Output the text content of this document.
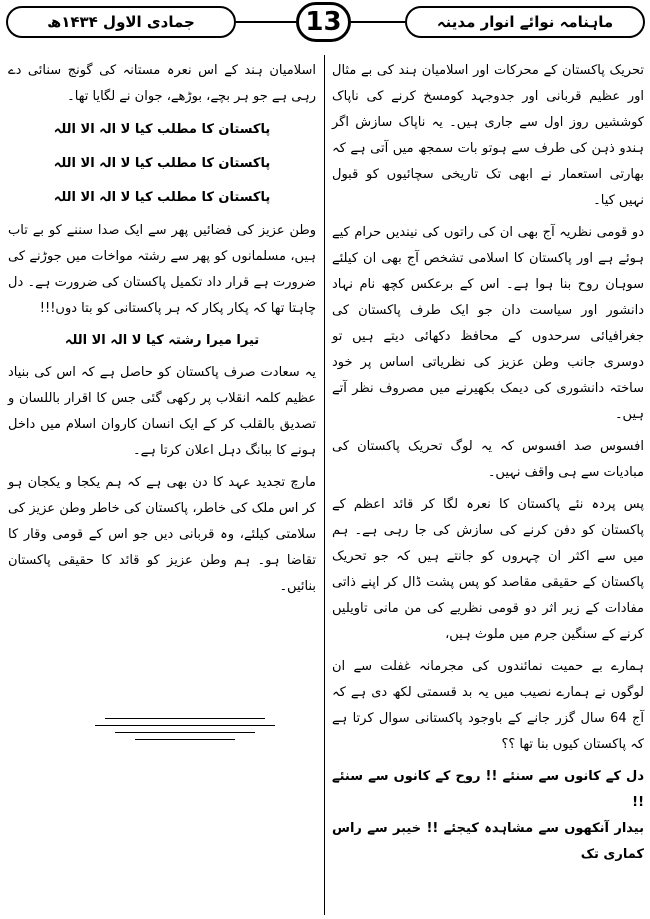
جمادی الاول ۱۴۳۴ھ	13	ماہنامہ نوائے انوار مدینہ

تحریک پاکستان کے محرکات اور اسلامیان ہند کی بے مثال اور عظیم قربانی اور جدوجہد کومسخ کرنے کی ناپاک کوششیں روز اول سے جاری ہیں۔ یہ ناپاک سازش اگر ہندو ذہن کی طرف سے ہوتو بات سمجھ میں آتی ہے کہ بھارتی استعمار نے ابھی تک تاریخی سچائیوں کو قبول نہیں کیا۔

دو قومی نظریہ آج بھی ان کی راتوں کی نیندیں حرام کیے ہوئے ہے اور پاکستان کا اسلامی تشخص آج بھی ان کیلئے سوہان روح بنا ہوا ہے۔ اس کے برعکس کچھ نام نہاد دانشور اور سیاست دان جو ایک طرف پاکستان کی جغرافیائی سرحدوں کے محافظ دکھائی دیتے ہیں تو دوسری جانب وطن عزیز کی نظریاتی اساس پر خود ساختہ دانشوری کی دیمک بکھیرنے میں مصروف نظر آتے ہیں۔

افسوس صد افسوس کہ یہ لوگ تحریک پاکستان کی مبادیات سے ہی واقف نہیں۔

پس پردہ نئے پاکستان کا نعرہ لگا کر قائد اعظم کے پاکستان کو دفن کرنے کی سازش کی جا رہی ہے۔ ہم میں سے اکثر ان چہروں کو جانتے ہیں کہ جو تحریک پاکستان کے حقیقی مقاصد کو پس پشت ڈال کر اپنے ذاتی مفادات کے زیر اثر دو قومی نظریے کی من مانی تاویلیں کرنے کے سنگین جرم میں ملوث ہیں،

ہمارے بے حمیت نمائندوں کی مجرمانہ غفلت سے ان لوگوں نے ہمارے نصیب میں یہ بد قسمتی لکھ دی ہے کہ آج 64 سال گزر جانے کے باوجود پاکستانی سوال کرتا ہے کہ پاکستان کیوں بنا تھا ؟؟

دل کے کانوں سے سنئے !! روح کے کانوں سے سنئے !!

بیدار آنکھوں سے مشاہدہ کیجئے !! خیبر سے راس کماری تک

اسلامیان ہند کے اس نعرہ مستانہ کی گونج سنائی دے رہی ہے جو ہر بچے، بوڑھے، جوان نے لگایا تھا۔

پاکستان کا مطلب کیا لا الہ الا اللہ

پاکستان کا مطلب کیا لا الہ الا اللہ

پاکستان کا مطلب کیا لا الہ الا اللہ

وطن عزیز کی فضائیں پھر سے ایک صدا سننے کو بے تاب ہیں، مسلمانوں کو پھر سے رشتہ مواخات میں جوڑنے کی ضرورت ہے قرار داد تکمیل پاکستان کی ضرورت ہے۔ دل چاہتا تھا کہ پکار پکار کہ ہر پاکستانی کو بتا دوں!!!

تیرا میرا رشتہ کیا لا الہ الا اللہ

یہ سعادت صرف پاکستان کو حاصل ہے کہ اس کی بنیاد عظیم کلمہ انقلاب پر رکھی گئی جس کا اقرار باللسان و تصدیق بالقلب کر کے ایک انسان کاروان اسلام میں داخل ہونے کا ببانگ دہل اعلان کرتا ہے۔

مارچ تجدید عہد کا دن بھی ہے کہ ہم یکجا و یکجان ہو کر اس ملک کی خاطر، پاکستان کی خاطر وطن عزیز کی سلامتی کیلئے، وہ قربانی دیں جو اس کے قومی وقار کا تقاضا ہو۔ ہم وطن عزیز کو قائد کا حقیقی پاکستان بنائیں۔
